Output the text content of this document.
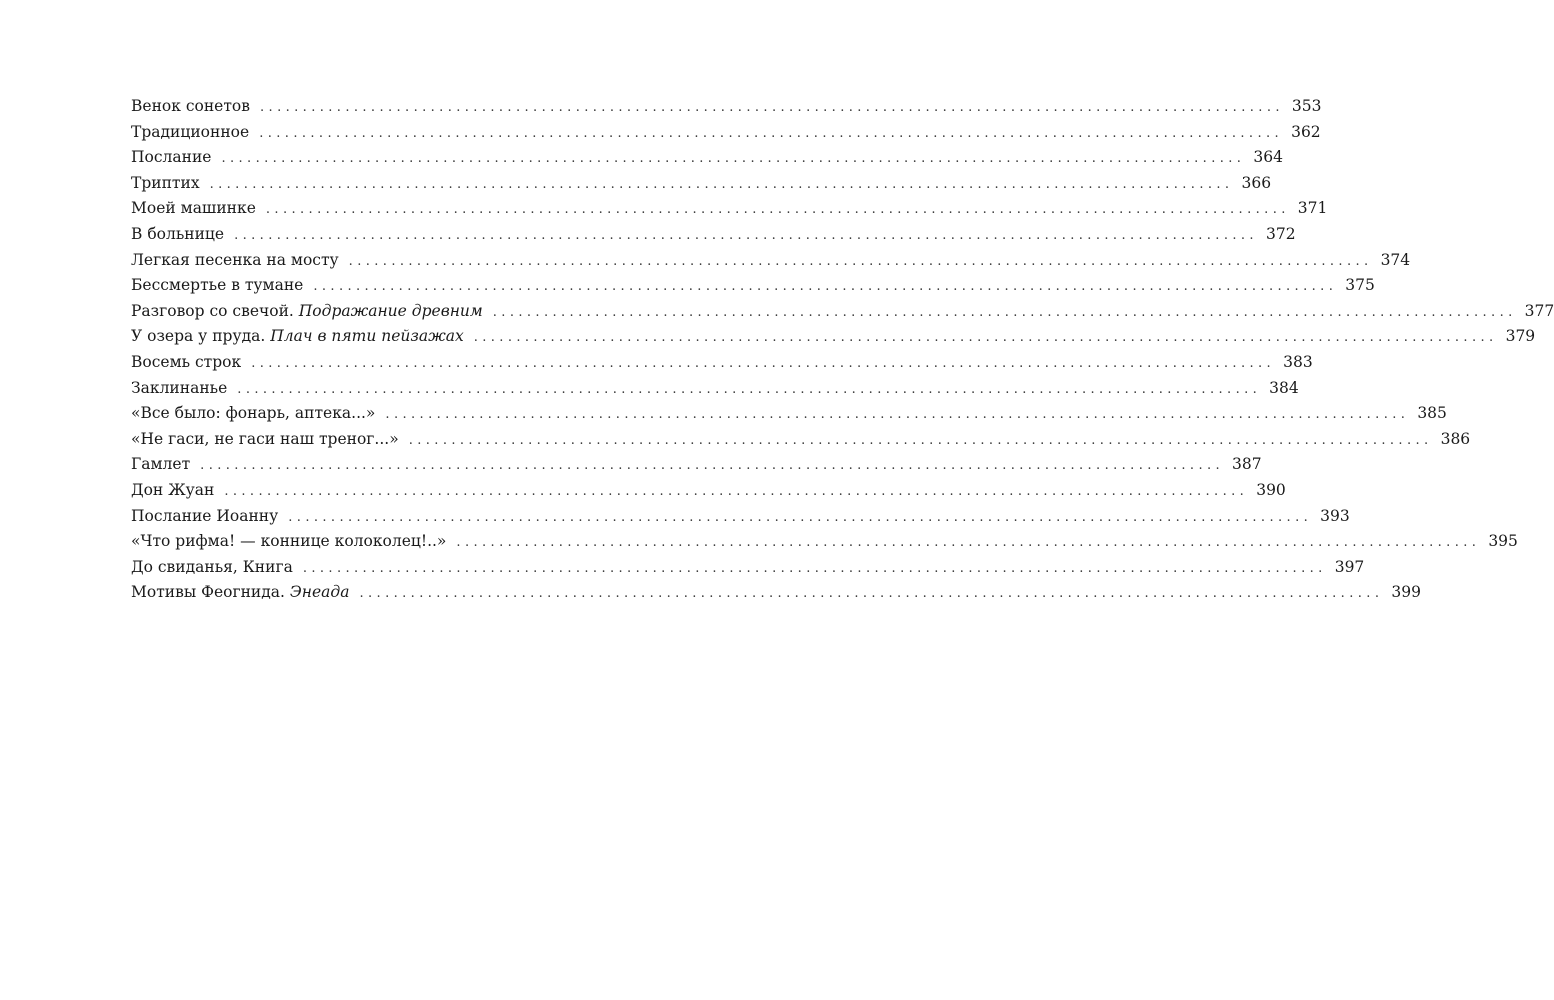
Венок сонетов ........................................................................................................................ 353
Традиционное ........................................................................................................................ 362
Послание ........................................................................................................................ 364
Триптих ........................................................................................................................ 366
Моей машинке ........................................................................................................................ 371
В больнице ........................................................................................................................ 372
Легкая песенка на мосту ........................................................................................................................ 374
Бессмертье в тумане ........................................................................................................................ 375
Разговор со свечой. Подражание древним ........................................................................................................................ 377
У озера у пруда. Плач в пяти пейзажах ........................................................................................................................ 379
Восемь строк ........................................................................................................................ 383
Заклинанье ........................................................................................................................ 384
«Все было: фонарь, аптека...» ........................................................................................................................ 385
«Не гаси, не гаси наш треног...» ........................................................................................................................ 386
Гамлет ........................................................................................................................ 387
Дон Жуан ........................................................................................................................ 390
Послание Иоанну ........................................................................................................................ 393
«Что рифма! — коннице колоколец!..» ........................................................................................................................ 395
До свиданья, Книга ........................................................................................................................ 397
Мотивы Феогнида. Энеада ........................................................................................................................ 399
